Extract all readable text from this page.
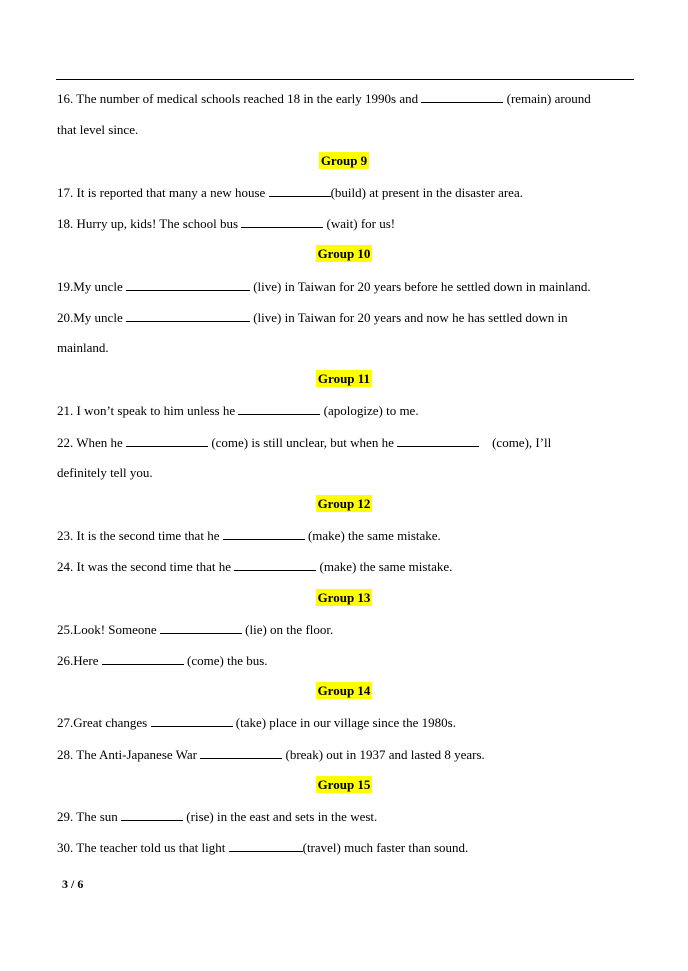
16. The number of medical schools reached 18 in the early 1990s and	(remain) around
that level since.
Group 9
17. It is reported that many a new house	(build) at present in the disaster area.
18. Hurry up, kids! The school bus	(wait) for us!
Group 10
19.My uncle	(live) in Taiwan for 20 years before he settled down in mainland.
20.My uncle	(live) in Taiwan for 20 years and now he has settled down in
mainland.
Group 11
21. I won’t speak to him unless he	(apologize) to me.
22. When he	(come) is still unclear, but when he	(come), I’ll
definitely tell you.
Group 12
23. It is the second time that he	(make) the same mistake.
24. It was the second time that he	(make) the same mistake.
Group 13
25.Look! Someone	(lie) on the floor.
26.Here	(come) the bus.
Group 14
27.Great changes	(take) place in our village since the 1980s.
28. The Anti-Japanese War	(break) out in 1937 and lasted 8 years.
Group 15
29. The sun	(rise) in the east and sets in the west.
30. The teacher told us that light	(travel) much faster than sound.
3 / 6
